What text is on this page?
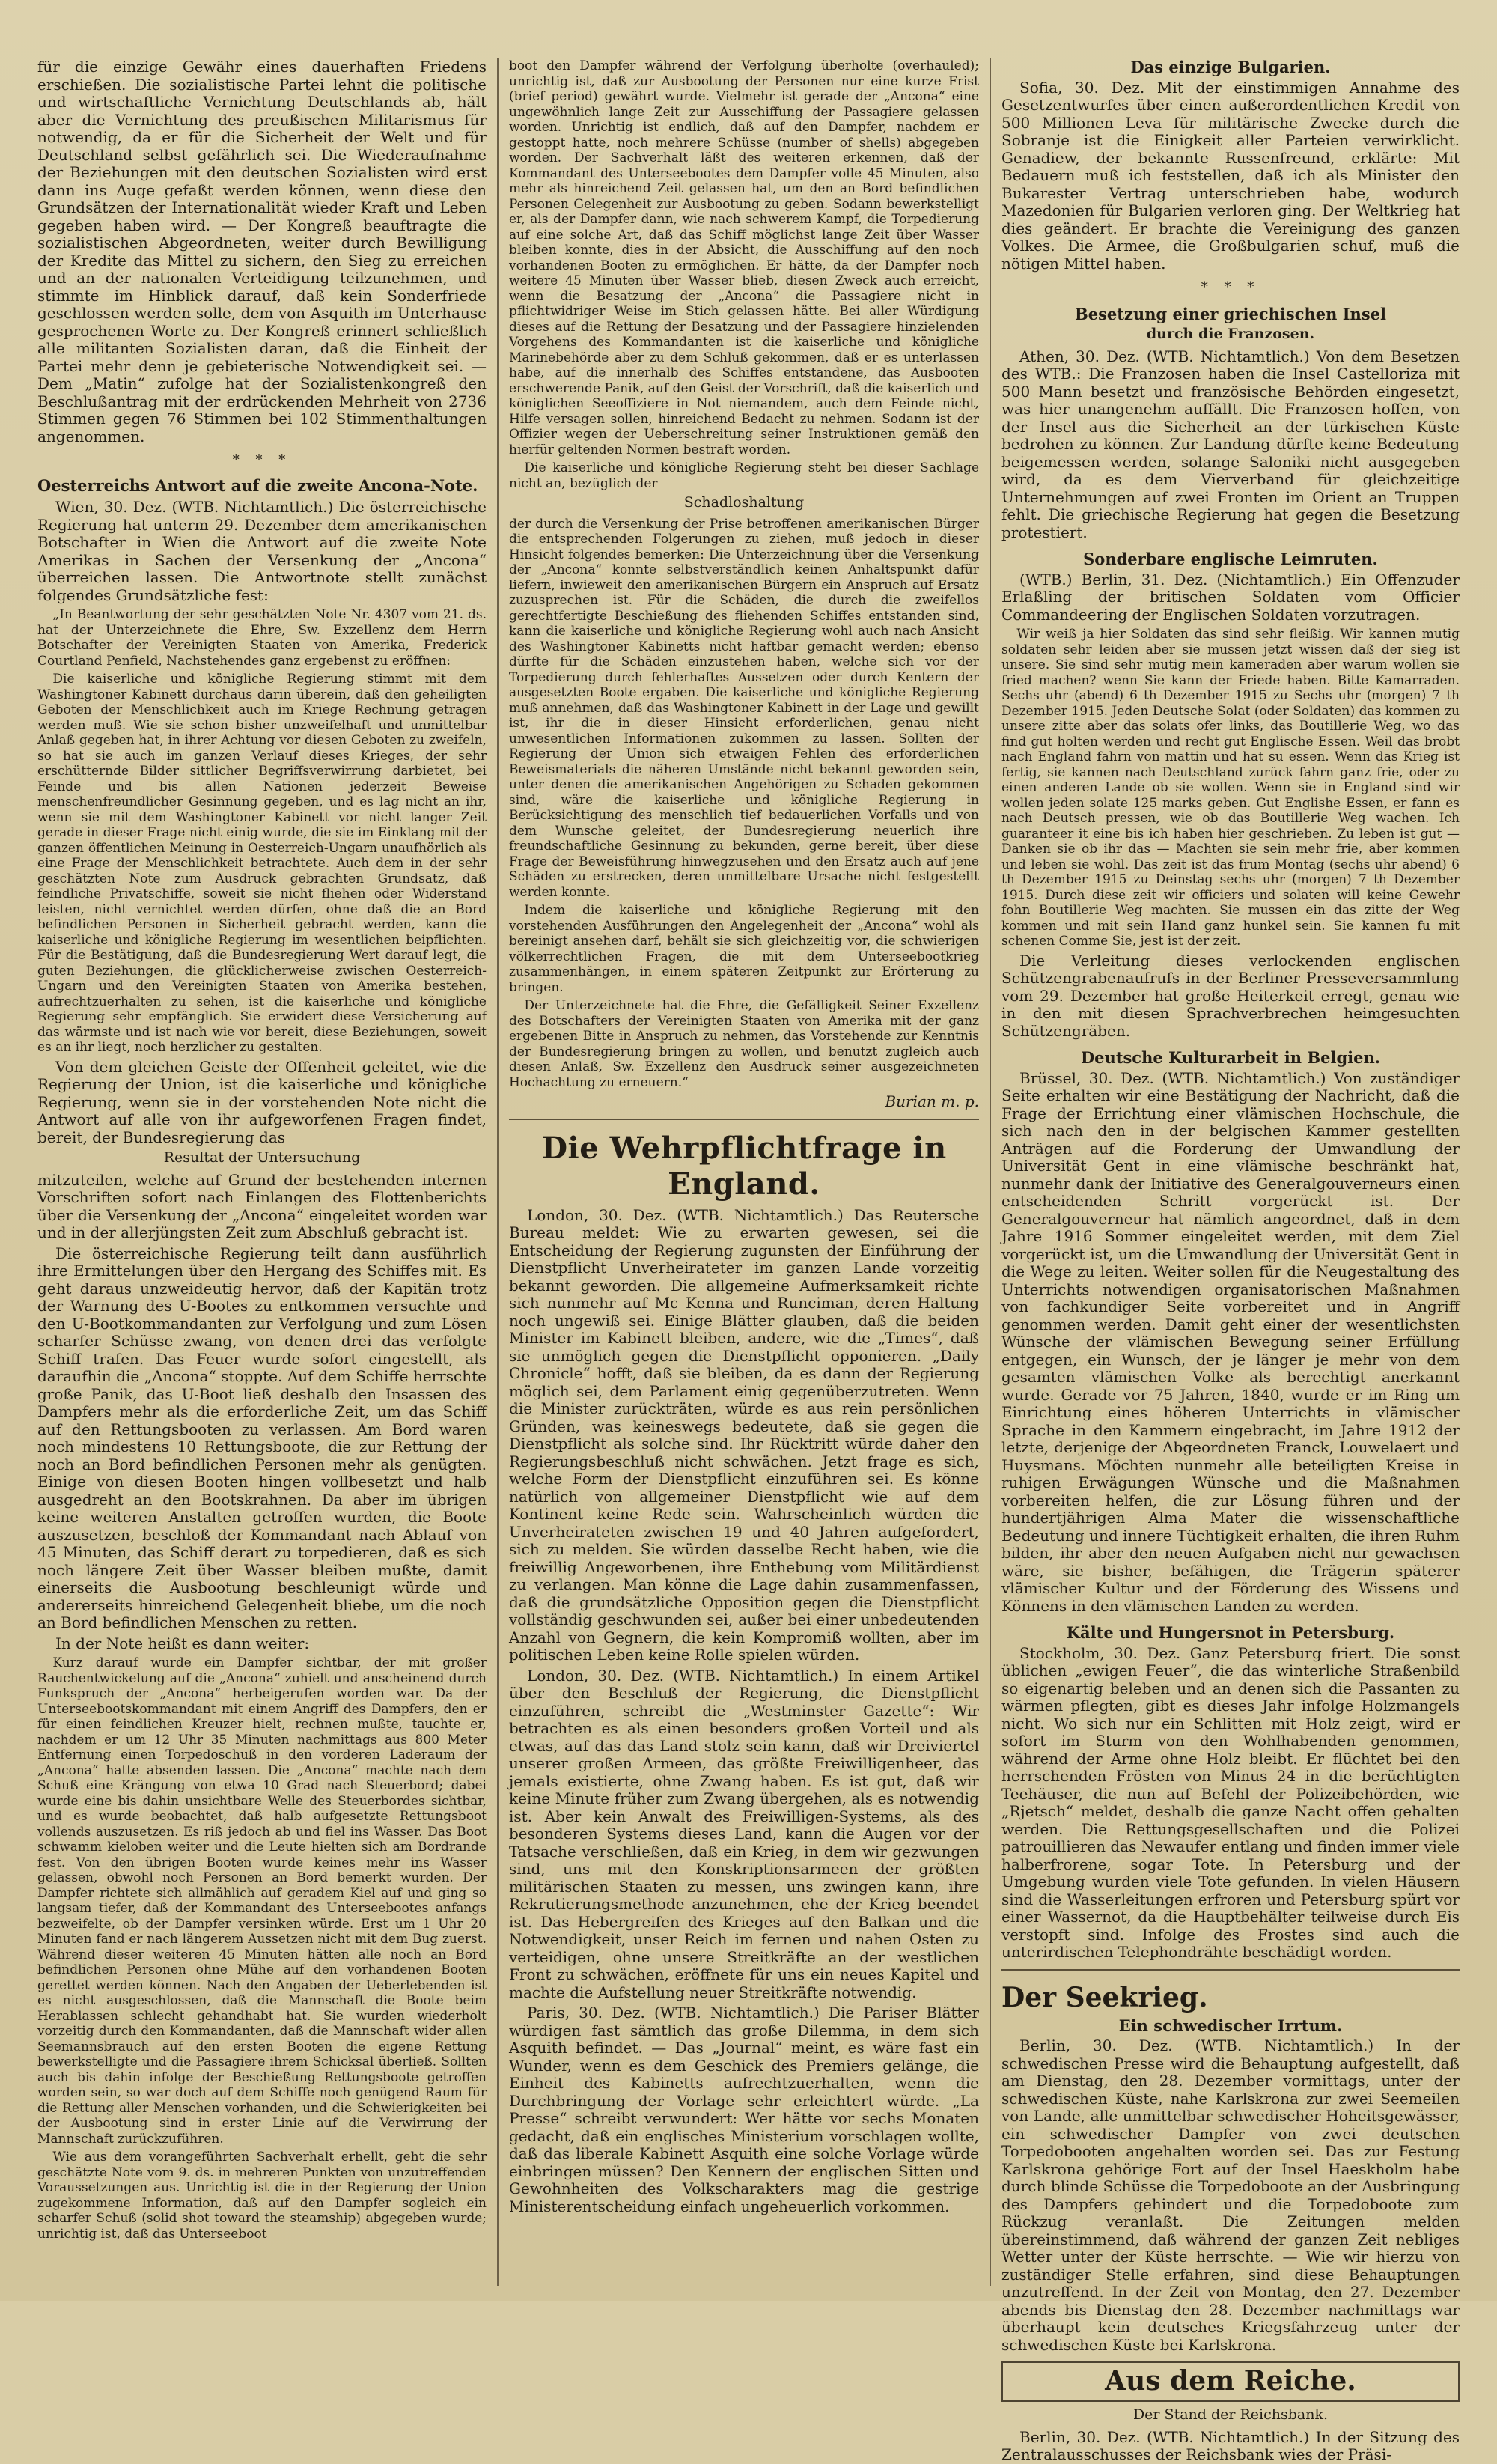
für die einzige Gewähr eines dauerhaften Friedens erschießen. Die sozialistische Partei lehnt die politische und wirtschaftliche Vernichtung Deutschlands ab, hält aber die Vernichtung des preußischen Militarismus für notwendig, da er für die Sicherheit der Welt und für Deutschland selbst gefährlich sei. Die Wiederaufnahme der Beziehungen mit den deutschen Sozialisten wird erst dann ins Auge gefaßt werden können, wenn diese den Grundsätzen der Internationalität wieder Kraft und Leben gegeben haben wird. — Der Kongreß beauftragte die sozialistischen Abgeordneten, weiter durch Bewilligung der Kredite das Mittel zu sichern, den Sieg zu erreichen und an der nationalen Verteidigung teilzunehmen, und stimmte im Hinblick darauf, daß kein Sonderfriede geschlossen werden solle, dem von Asquith im Unterhause gesprochenen Worte zu. Der Kongreß erinnert schließlich alle militanten Sozialisten daran, daß die Einheit der Partei mehr denn je gebieterische Notwendigkeit sei. — Dem „Matin“ zufolge hat der Sozialistenkongreß den Beschlußantrag mit der erdrückenden Mehrheit von 2736 Stimmen gegen 76 Stimmen bei 102 Stimmenthaltungen angenommen.

* * *
Oesterreichs Antwort auf die zweite Ancona-Note.

Wien, 30. Dez. (WTB. Nichtamtlich.) Die österreichische Regierung hat unterm 29. Dezember dem amerikanischen Botschafter in Wien die Antwort auf die zweite Note Amerikas in Sachen der Versenkung der „Ancona“ überreichen lassen. Die Antwortnote stellt zunächst folgendes Grundsätzliche fest:

„In Beantwortung der sehr geschätzten Note Nr. 4307 vom 21. ds. hat der Unterzeichnete die Ehre, Sw. Exzellenz dem Herrn Botschafter der Vereinigten Staaten von Amerika, Frederick Courtland Penfield, Nachstehendes ganz ergebenst zu eröffnen:

Die kaiserliche und königliche Regierung stimmt mit dem Washingtoner Kabinett durchaus darin überein, daß den geheiligten Geboten der Menschlichkeit auch im Kriege Rechnung getragen werden muß. Wie sie schon bisher unzweifelhaft und unmittelbar Anlaß gegeben hat, in ihrer Achtung vor diesen Geboten zu zweifeln, so hat sie auch im ganzen Verlauf dieses Krieges, der sehr erschütternde Bilder sittlicher Begriffsverwirrung darbietet, bei Feinde und bis allen Nationen jederzeit Beweise menschenfreundlicher Gesinnung gegeben, und es lag nicht an ihr, wenn sie mit dem Washingtoner Kabinett vor nicht langer Zeit gerade in dieser Frage nicht einig wurde, die sie im Einklang mit der ganzen öffentlichen Meinung in Oesterreich-Ungarn unaufhörlich als eine Frage der Menschlichkeit betrachtete. Auch dem in der sehr geschätzten Note zum Ausdruck gebrachten Grundsatz, daß feindliche Privatschiffe, soweit sie nicht fliehen oder Widerstand leisten, nicht vernichtet werden dürfen, ohne daß die an Bord befindlichen Personen in Sicherheit gebracht werden, kann die kaiserliche und königliche Regierung im wesentlichen beipflichten. Für die Bestätigung, daß die Bundesregierung Wert darauf legt, die guten Beziehungen, die glücklicherweise zwischen Oesterreich-Ungarn und den Vereinigten Staaten von Amerika bestehen, aufrechtzuerhalten zu sehen, ist die kaiserliche und königliche Regierung sehr empfänglich. Sie erwidert diese Versicherung auf das wärmste und ist nach wie vor bereit, diese Beziehungen, soweit es an ihr liegt, noch herzlicher zu gestalten.

Von dem gleichen Geiste der Offenheit geleitet, wie die Regierung der Union, ist die kaiserliche und königliche Regierung, wenn sie in der vorstehenden Note nicht die Antwort auf alle von ihr aufgeworfenen Fragen findet, bereit, der Bundesregierung das

Resultat der Untersuchung

mitzuteilen, welche auf Grund der bestehenden internen Vorschriften sofort nach Einlangen des Flottenberichts über die Versenkung der „Ancona“ eingeleitet worden war und in der allerjüngsten Zeit zum Abschluß gebracht ist.

Die österreichische Regierung teilt dann ausführlich ihre Ermittelungen über den Hergang des Schiffes mit. Es geht daraus unzweideutig hervor, daß der Kapitän trotz der Warnung des U-Bootes zu entkommen versuchte und den U-Bootkommandanten zur Verfolgung und zum Lösen scharfer Schüsse zwang, von denen drei das verfolgte Schiff trafen. Das Feuer wurde sofort eingestellt, als daraufhin die „Ancona“ stoppte. Auf dem Schiffe herrschte große Panik, das U-Boot ließ deshalb den Insassen des Dampfers mehr als die erforderliche Zeit, um das Schiff auf den Rettungsbooten zu verlassen. Am Bord waren noch mindestens 10 Rettungsboote, die zur Rettung der noch an Bord befindlichen Personen mehr als genügten. Einige von diesen Booten hingen vollbesetzt und halb ausgedreht an den Bootskrahnen. Da aber im übrigen keine weiteren Anstalten getroffen wurden, die Boote auszusetzen, beschloß der Kommandant nach Ablauf von 45 Minuten, das Schiff derart zu torpedieren, daß es sich noch längere Zeit über Wasser bleiben mußte, damit einerseits die Ausbootung beschleunigt würde und andererseits hinreichend Gelegenheit bliebe, um die noch an Bord befindlichen Menschen zu retten.

In der Note heißt es dann weiter:

Kurz darauf wurde ein Dampfer sichtbar, der mit großer Rauchentwickelung auf die „Ancona“ zuhielt und anscheinend durch Funkspruch der „Ancona“ herbeigerufen worden war. Da der Unterseebootskommandant mit einem Angriff des Dampfers, den er für einen feindlichen Kreuzer hielt, rechnen mußte, tauchte er, nachdem er um 12 Uhr 35 Minuten nachmittags aus 800 Meter Entfernung einen Torpedoschuß in den vorderen Laderaum der „Ancona“ hatte absenden lassen. Die „Ancona“ machte nach dem Schuß eine Krängung von etwa 10 Grad nach Steuerbord; dabei wurde eine bis dahin unsichtbare Welle des Steuerbordes sichtbar, und es wurde beobachtet, daß halb aufgesetzte Rettungsboot vollends auszusetzen. Es riß jedoch ab und fiel ins Wasser. Das Boot schwamm kieloben weiter und die Leute hielten sich am Bordrande fest. Von den übrigen Booten wurde keines mehr ins Wasser gelassen, obwohl noch Personen an Bord bemerkt wurden. Der Dampfer richtete sich allmählich auf geradem Kiel auf und ging so langsam tiefer, daß der Kommandant des Unterseebootes anfangs bezweifelte, ob der Dampfer versinken würde. Erst um 1 Uhr 20 Minuten fand er nach längerem Aussetzen nicht mit dem Bug zuerst. Während dieser weiteren 45 Minuten hätten alle noch an Bord befindlichen Personen ohne Mühe auf den vorhandenen Booten gerettet werden können. Nach den Angaben der Ueberlebenden ist es nicht ausgeschlossen, daß die Mannschaft die Boote beim Herablassen schlecht gehandhabt hat. Sie wurden wiederholt vorzeitig durch den Kommandanten, daß die Mannschaft wider allen Seemannsbrauch auf den ersten Booten die eigene Rettung bewerkstelligte und die Passagiere ihrem Schicksal überließ. Sollten auch bis dahin infolge der Beschießung Rettungsboote getroffen worden sein, so war doch auf dem Schiffe noch genügend Raum für die Rettung aller Menschen vorhanden, und die Schwierigkeiten bei der Ausbootung sind in erster Linie auf die Verwirrung der Mannschaft zurückzuführen.

Wie aus dem vorangeführten Sachverhalt erhellt, geht die sehr geschätzte Note vom 9. ds. in mehreren Punkten von unzutreffenden Voraussetzungen aus. Unrichtig ist die in der Regierung der Union zugekommene Information, daß auf den Dampfer sogleich ein scharfer Schuß (solid shot toward the steamship) abgegeben wurde; unrichtig ist, daß das Unterseeboot

boot den Dampfer während der Verfolgung überholte (overhauled); unrichtig ist, daß zur Ausbootung der Personen nur eine kurze Frist (brief period) gewährt wurde. Vielmehr ist gerade der „Ancona“ eine ungewöhnlich lange Zeit zur Ausschiffung der Passagiere gelassen worden. Unrichtig ist endlich, daß auf den Dampfer, nachdem er gestoppt hatte, noch mehrere Schüsse (number of shells) abgegeben worden. Der Sachverhalt läßt des weiteren erkennen, daß der Kommandant des Unterseebootes dem Dampfer volle 45 Minuten, also mehr als hinreichend Zeit gelassen hat, um den an Bord befindlichen Personen Gelegenheit zur Ausbootung zu geben. Sodann bewerkstelligt er, als der Dampfer dann, wie nach schwerem Kampf, die Torpedierung auf eine solche Art, daß das Schiff möglichst lange Zeit über Wasser bleiben konnte, dies in der Absicht, die Ausschiffung auf den noch vorhandenen Booten zu ermöglichen. Er hätte, da der Dampfer noch weitere 45 Minuten über Wasser blieb, diesen Zweck auch erreicht, wenn die Besatzung der „Ancona“ die Passagiere nicht in pflichtwidriger Weise im Stich gelassen hätte. Bei aller Würdigung dieses auf die Rettung der Besatzung und der Passagiere hinzielenden Vorgehens des Kommandanten ist die kaiserliche und königliche Marinebehörde aber zu dem Schluß gekommen, daß er es unterlassen habe, auf die innerhalb des Schiffes entstandene, das Ausbooten erschwerende Panik, auf den Geist der Vorschrift, daß die kaiserlich und königlichen Seeoffiziere in Not niemandem, auch dem Feinde nicht, Hilfe versagen sollen, hinreichend Bedacht zu nehmen. Sodann ist der Offizier wegen der Ueberschreitung seiner Instruktionen gemäß den hierfür geltenden Normen bestraft worden.

Die kaiserliche und königliche Regierung steht bei dieser Sachlage nicht an, bezüglich der

Schadloshaltung

der durch die Versenkung der Prise betroffenen amerikanischen Bürger die entsprechenden Folgerungen zu ziehen, muß jedoch in dieser Hinsicht folgendes bemerken: Die Unterzeichnung über die Versenkung der „Ancona“ konnte selbstverständlich keinen Anhaltspunkt dafür liefern, inwieweit den amerikanischen Bürgern ein Anspruch auf Ersatz zuzusprechen ist. Für die Schäden, die durch die zweifellos gerechtfertigte Beschießung des fliehenden Schiffes entstanden sind, kann die kaiserliche und königliche Regierung wohl auch nach Ansicht des Washingtoner Kabinetts nicht haftbar gemacht werden; ebenso dürfte für die Schäden einzustehen haben, welche sich vor der Torpedierung durch fehlerhaftes Aussetzen oder durch Kentern der ausgesetzten Boote ergaben. Die kaiserliche und königliche Regierung muß annehmen, daß das Washingtoner Kabinett in der Lage und gewillt ist, ihr die in dieser Hinsicht erforderlichen, genau nicht unwesentlichen Informationen zukommen zu lassen. Sollten der Regierung der Union sich etwaigen Fehlen des erforderlichen Beweismaterials die näheren Umstände nicht bekannt geworden sein, unter denen die amerikanischen Angehörigen zu Schaden gekommen sind, wäre die kaiserliche und königliche Regierung in Berücksichtigung des menschlich tief bedauerlichen Vorfalls und von dem Wunsche geleitet, der Bundesregierung neuerlich ihre freundschaftliche Gesinnung zu bekunden, gerne bereit, über diese Frage der Beweisführung hinwegzusehen und den Ersatz auch auf jene Schäden zu erstrecken, deren unmittelbare Ursache nicht festgestellt werden konnte.

Indem die kaiserliche und königliche Regierung mit den vorstehenden Ausführungen den Angelegenheit der „Ancona“ wohl als bereinigt ansehen darf, behält sie sich gleichzeitig vor, die schwierigen völkerrechtlichen Fragen, die mit dem Unterseebootkrieg zusammenhängen, in einem späteren Zeitpunkt zur Erörterung zu bringen.

Der Unterzeichnete hat die Ehre, die Gefälligkeit Seiner Exzellenz des Botschafters der Vereinigten Staaten von Amerika mit der ganz ergebenen Bitte in Anspruch zu nehmen, das Vorstehende zur Kenntnis der Bundesregierung bringen zu wollen, und benutzt zugleich auch diesen Anlaß, Sw. Exzellenz den Ausdruck seiner ausgezeichneten Hochachtung zu erneuern.“

Burian m. p.
Die Wehrpflichtfrage in England.

London, 30. Dez. (WTB. Nichtamtlich.) Das Reutersche Bureau meldet: Wie zu erwarten gewesen, sei die Entscheidung der Regierung zugunsten der Einführung der Dienstpflicht Unverheirateter im ganzen Lande vorzeitig bekannt geworden. Die allgemeine Aufmerksamkeit richte sich nunmehr auf Mc Kenna und Runciman, deren Haltung noch ungewiß sei. Einige Blätter glauben, daß die beiden Minister im Kabinett bleiben, andere, wie die „Times“, daß sie unmöglich gegen die Dienstpflicht opponieren. „Daily Chronicle“ hofft, daß sie bleiben, da es dann der Regierung möglich sei, dem Parlament einig gegenüberzutreten. Wenn die Minister zurückträten, würde es aus rein persönlichen Gründen, was keineswegs bedeutete, daß sie gegen die Dienstpflicht als solche sind. Ihr Rücktritt würde daher den Regierungsbeschluß nicht schwächen. Jetzt frage es sich, welche Form der Dienstpflicht einzuführen sei. Es könne natürlich von allgemeiner Dienstpflicht wie auf dem Kontinent keine Rede sein. Wahrscheinlich würden die Unverheirateten zwischen 19 und 40 Jahren aufgefordert, sich zu melden. Sie würden dasselbe Recht haben, wie die freiwillig Angeworbenen, ihre Enthebung vom Militärdienst zu verlangen. Man könne die Lage dahin zusammenfassen, daß die grundsätzliche Opposition gegen die Dienstpflicht vollständig geschwunden sei, außer bei einer unbedeutenden Anzahl von Gegnern, die kein Kompromiß wollten, aber im politischen Leben keine Rolle spielen würden.

London, 30. Dez. (WTB. Nichtamtlich.) In einem Artikel über den Beschluß der Regierung, die Dienstpflicht einzuführen, schreibt die „Westminster Gazette“: Wir betrachten es als einen besonders großen Vorteil und als etwas, auf das das Land stolz sein kann, daß wir Dreiviertel unserer großen Armeen, das größte Freiwilligenheer, das jemals existierte, ohne Zwang haben. Es ist gut, daß wir keine Minute früher zum Zwang übergehen, als es notwendig ist. Aber kein Anwalt des Freiwilligen-Systems, als des besonderen Systems dieses Land, kann die Augen vor der Tatsache verschließen, daß ein Krieg, in dem wir gezwungen sind, uns mit den Konskriptionsarmeen der größten militärischen Staaten zu messen, uns zwingen kann, ihre Rekrutierungsmethode anzunehmen, ehe der Krieg beendet ist. Das Hebergreifen des Krieges auf den Balkan und die Notwendigkeit, unser Reich im fernen und nahen Osten zu verteidigen, ohne unsere Streitkräfte an der westlichen Front zu schwächen, eröffnete für uns ein neues Kapitel und machte die Aufstellung neuer Streitkräfte notwendig.

Paris, 30. Dez. (WTB. Nichtamtlich.) Die Pariser Blätter würdigen fast sämtlich das große Dilemma, in dem sich Asquith befindet. — Das „Journal“ meint, es wäre fast ein Wunder, wenn es dem Geschick des Premiers gelänge, die Einheit des Kabinetts aufrechtzuerhalten, wenn die Durchbringung der Vorlage sehr erleichtert würde. „La Presse“ schreibt verwundert: Wer hätte vor sechs Monaten gedacht, daß ein englisches Ministerium vorschlagen wollte, daß das liberale Kabinett Asquith eine solche Vorlage würde einbringen müssen? Den Kennern der englischen Sitten und Gewohnheiten des Volkscharakters mag die gestrige Ministerentscheidung einfach ungeheuerlich vorkommen.

Das einzige Bulgarien.

Sofia, 30. Dez. Mit der einstimmigen Annahme des Gesetzentwurfes über einen außerordentlichen Kredit von 500 Millionen Leva für militärische Zwecke durch die Sobranje ist die Einigkeit aller Parteien verwirklicht. Genadiew, der bekannte Russenfreund, erklärte: Mit Bedauern muß ich feststellen, daß ich als Minister den Bukarester Vertrag unterschrieben habe, wodurch Mazedonien für Bulgarien verloren ging. Der Weltkrieg hat dies geändert. Er brachte die Vereinigung des ganzen Volkes. Die Armee, die Großbulgarien schuf, muß die nötigen Mittel haben.

* * *
Besetzung einer griechischen Insel
durch die Franzosen.

Athen, 30. Dez. (WTB. Nichtamtlich.) Von dem Besetzen des WTB.: Die Franzosen haben die Insel Castelloriza mit 500 Mann besetzt und französische Behörden eingesetzt, was hier unangenehm auffällt. Die Franzosen hoffen, von der Insel aus die Sicherheit an der türkischen Küste bedrohen zu können. Zur Landung dürfte keine Bedeutung beigemessen werden, solange Saloniki nicht ausgegeben wird, da es dem Vierverband für gleichzeitige Unternehmungen auf zwei Fronten im Orient an Truppen fehlt. Die griechische Regierung hat gegen die Besetzung protestiert.

Sonderbare englische Leimruten.

(WTB.) Berlin, 31. Dez. (Nichtamtlich.) Ein Offenzuder Erlaßling der britischen Soldaten vom Officier Commandeering der Englischen Soldaten vorzutragen.

Wir weiß ja hier Soldaten das sind sehr fleißig. Wir kannen mutig soldaten sehr leiden aber sie mussen jetzt wissen daß der sieg ist unsere. Sie sind sehr mutig mein kameraden aber warum wollen sie fried machen? wenn Sie kann der Friede haben. Bitte Kamarraden. Sechs uhr (abend) 6 th Dezember 1915 zu Sechs uhr (morgen) 7 th Dezember 1915. Jeden Deutsche Solat (oder Soldaten) das kommen zu unsere zitte aber das solats ofer links, das Boutillerie Weg, wo das find gut holten werden und recht gut Englische Essen. Weil das brobt nach England fahrn von mattin und hat su essen. Wenn das Krieg ist fertig, sie kannen nach Deutschland zurück fahrn ganz frie, oder zu einen anderen Lande ob sie wollen. Wenn sie in England sind wir wollen jeden solate 125 marks geben. Gut Englishe Essen, er fann es nach Deutsch pressen, wie ob das Boutillerie Weg wachen. Ich guaranteer it eine bis ich haben hier geschrieben. Zu leben ist gut — Danken sie ob ihr das — Machten sie sein mehr frie, aber kommen und leben sie wohl. Das zeit ist das frum Montag (sechs uhr abend) 6 th Dezember 1915 zu Deinstag sechs uhr (morgen) 7 th Dezember 1915. Durch diese zeit wir officiers und solaten will keine Gewehr fohn Boutillerie Weg machten. Sie mussen ein das zitte der Weg kommen und mit sein Hand ganz hunkel sein. Sie kannen fu mit schenen Comme Sie, jest ist der zeit.

Die Verleitung dieses verlockenden englischen Schützengrabenaufrufs in der Berliner Presseversammlung vom 29. Dezember hat große Heiterkeit erregt, genau wie in den mit diesen Sprachverbrechen heimgesuchten Schützengräben.

Deutsche Kulturarbeit in Belgien.

Brüssel, 30. Dez. (WTB. Nichtamtlich.) Von zuständiger Seite erhalten wir eine Bestätigung der Nachricht, daß die Frage der Errichtung einer vlämischen Hochschule, die sich nach den in der belgischen Kammer gestellten Anträgen auf die Forderung der Umwandlung der Universität Gent in eine vlämische beschränkt hat, nunmehr dank der Initiative des Generalgouverneurs einen entscheidenden Schritt vorgerückt ist. Der Generalgouverneur hat nämlich angeordnet, daß in dem Jahre 1916 Sommer eingeleitet werden, mit dem Ziel vorgerückt ist, um die Umwandlung der Universität Gent in die Wege zu leiten. Weiter sollen für die Neugestaltung des Unterrichts notwendigen organisatorischen Maßnahmen von fachkundiger Seite vorbereitet und in Angriff genommen werden. Damit geht einer der wesentlichsten Wünsche der vlämischen Bewegung seiner Erfüllung entgegen, ein Wunsch, der je länger je mehr von dem gesamten vlämischen Volke als berechtigt anerkannt wurde. Gerade vor 75 Jahren, 1840, wurde er im Ring um Einrichtung eines höheren Unterrichts in vlämischer Sprache in den Kammern eingebracht, im Jahre 1912 der letzte, derjenige der Abgeordneten Franck, Louwelaert und Huysmans. Möchten nunmehr alle beteiligten Kreise in ruhigen Erwägungen Wünsche und die Maßnahmen vorbereiten helfen, die zur Lösung führen und der hundertjährigen Alma Mater die wissenschaftliche Bedeutung und innere Tüchtigkeit erhalten, die ihren Ruhm bilden, ihr aber den neuen Aufgaben nicht nur gewachsen wäre, sie bisher, befähigen, die Trägerin späterer vlämischer Kultur und der Förderung des Wissens und Könnens in den vlämischen Landen zu werden.

Kälte und Hungersnot in Petersburg.

Stockholm, 30. Dez. Ganz Petersburg friert. Die sonst üblichen „ewigen Feuer“, die das winterliche Straßenbild so eigenartig beleben und an denen sich die Passanten zu wärmen pflegten, gibt es dieses Jahr infolge Holzmangels nicht. Wo sich nur ein Schlitten mit Holz zeigt, wird er sofort im Sturm von den Wohlhabenden genommen, während der Arme ohne Holz bleibt. Er flüchtet bei den herrschenden Frösten von Minus 24 in die berüchtigten Teehäuser, die nun auf Befehl der Polizeibehörden, wie „Rjetsch“ meldet, deshalb die ganze Nacht offen gehalten werden. Die Rettungsgesellschaften und die Polizei patrouillieren das Newaufer entlang und finden immer viele halberfrorene, sogar Tote. In Petersburg und der Umgebung wurden viele Tote gefunden. In vielen Häusern sind die Wasserleitungen erfroren und Petersburg spürt vor einer Wassernot, da die Hauptbehälter teilweise durch Eis verstopft sind. Infolge des Frostes sind auch die unterirdischen Telephondrähte beschädigt worden.

Der Seekrieg.
Ein schwedischer Irrtum.

Berlin, 30. Dez. (WTB. Nichtamtlich.) In der schwedischen Presse wird die Behauptung aufgestellt, daß am Dienstag, den 28. Dezember vormittags, unter der schwedischen Küste, nahe Karlskrona zur zwei Seemeilen von Lande, alle unmittelbar schwedischer Hoheitsgewässer, ein schwedischer Dampfer von zwei deutschen Torpedobooten angehalten worden sei. Das zur Festung Karlskrona gehörige Fort auf der Insel Haeskholm habe durch blinde Schüsse die Torpedoboote an der Ausbringung des Dampfers gehindert und die Torpedoboote zum Rückzug veranlaßt. Die Zeitungen melden übereinstimmend, daß während der ganzen Zeit nebliges Wetter unter der Küste herrschte. — Wie wir hierzu von zuständiger Stelle erfahren, sind diese Behauptungen unzutreffend. In der Zeit von Montag, den 27. Dezember abends bis Dienstag den 28. Dezember nachmittags war überhaupt kein deutsches Kriegsfahrzeug unter der schwedischen Küste bei Karlskrona.

Aus dem Reiche.
Der Stand der Reichsbank.

Berlin, 30. Dez. (WTB. Nichtamtlich.) In der Sitzung des Zentralausschusses der Reichsbank wies der Präsi-
